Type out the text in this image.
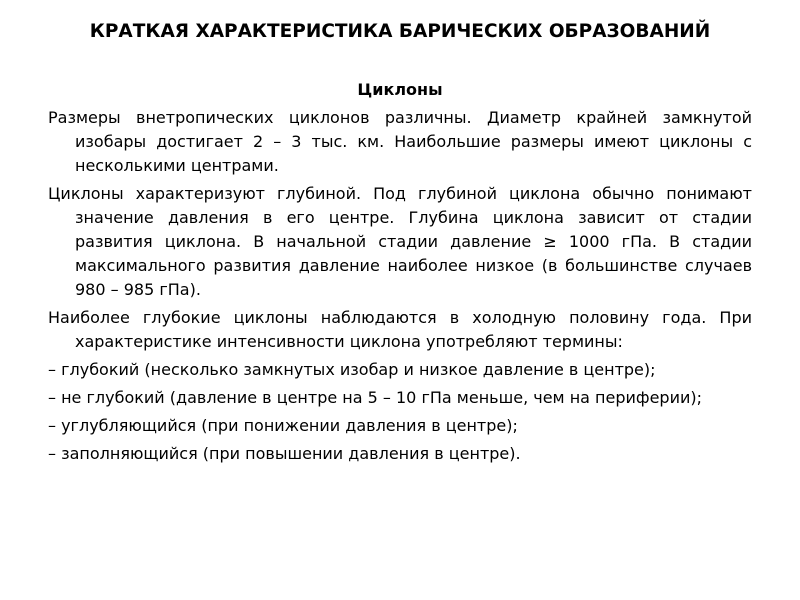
КРАТКАЯ ХАРАКТЕРИСТИКА БАРИЧЕСКИХ ОБРАЗОВАНИЙ
Циклоны

Размеры внетропических циклонов различны. Диаметр крайней замкнутой изобары достигает 2 – 3 тыс. км. Наибольшие размеры имеют циклоны с несколькими центрами.

Циклоны характеризуют глубиной. Под глубиной циклона обычно понимают значение давления в его центре. Глубина циклона зависит от стадии развития циклона. В начальной стадии давление ≥ 1000 гПа. В стадии максимального развития давление наиболее низкое (в большинстве случаев 980 – 985 гПа).

Наиболее глубокие циклоны наблюдаются в холодную половину года. При характеристике интенсивности циклона употребляют термины:

– глубокий (несколько замкнутых изобар и низкое давление в центре);

– не глубокий (давление в центре на 5 – 10 гПа меньше, чем на периферии);

– углубляющийся (при понижении давления в центре);

– заполняющийся (при повышении давления в центре).
